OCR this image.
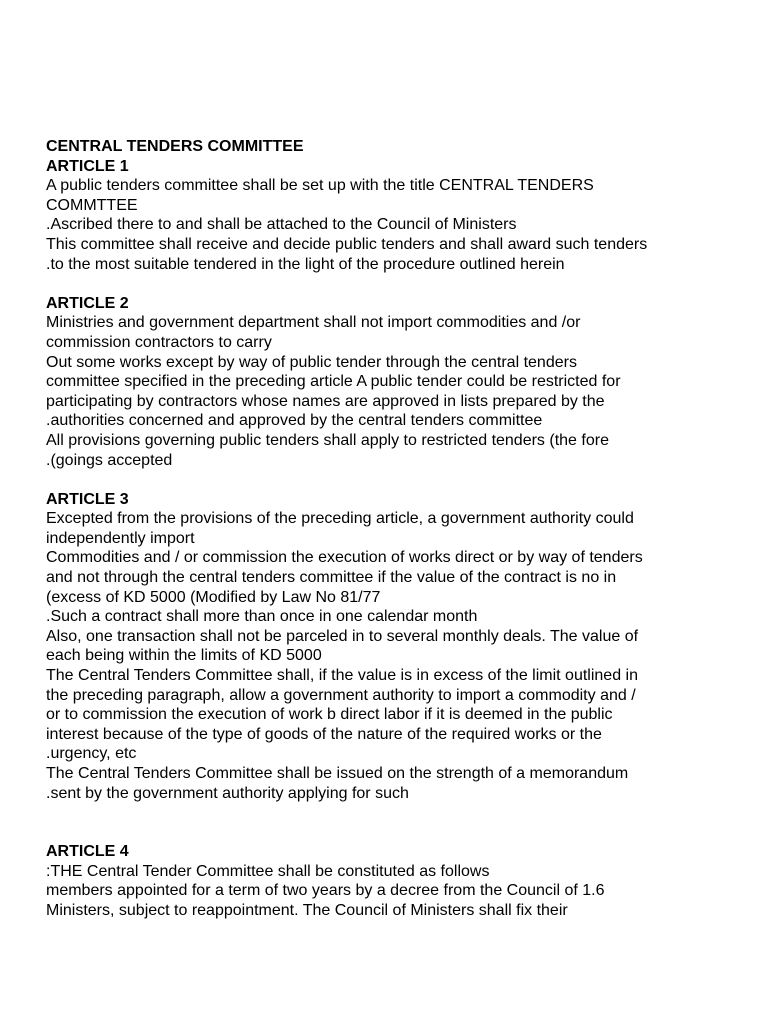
CENTRAL TENDERS COMMITTEE
ARTICLE 1
A public tenders committee shall be set up with the title CENTRAL TENDERS
COMMTTEE
.Ascribed there to and shall be attached to the Council of Ministers
This committee shall receive and decide public tenders and shall award such tenders
.to the most suitable tendered in the light of the procedure outlined herein
ARTICLE 2
Ministries and government department shall not import commodities and /or
commission contractors to carry
Out some works except by way of public tender through the central tenders
committee specified in the preceding article A public tender could be restricted for
participating by contractors whose names are approved in lists prepared by the
.authorities concerned and approved by the central tenders committee
All provisions governing public tenders shall apply to restricted tenders (the fore
.(goings accepted
ARTICLE 3
Excepted from the provisions of the preceding article, a government authority could
independently import
Commodities and / or commission the execution of works direct or by way of tenders
and not through the central tenders committee if the value of the contract is no in
(excess of KD 5000 (Modified by Law No 81/77
.Such a contract shall more than once in one calendar month
Also, one transaction shall not be parceled in to several monthly deals. The value of
each being within the limits of KD 5000
The Central Tenders Committee shall, if the value is in excess of the limit outlined in
the preceding paragraph, allow a government authority to import a commodity and /
or to commission the execution of work b direct labor if it is deemed in the public
interest because of the type of goods of the nature of the required works or the
.urgency, etc
The Central Tenders Committee shall be issued on the strength of a memorandum
.sent by the government authority applying for such
ARTICLE 4
:THE Central Tender Committee shall be constituted as follows
members appointed for a term of two years by a decree from the Council of 1.6
Ministers, subject to reappointment. The Council of Ministers shall fix their
